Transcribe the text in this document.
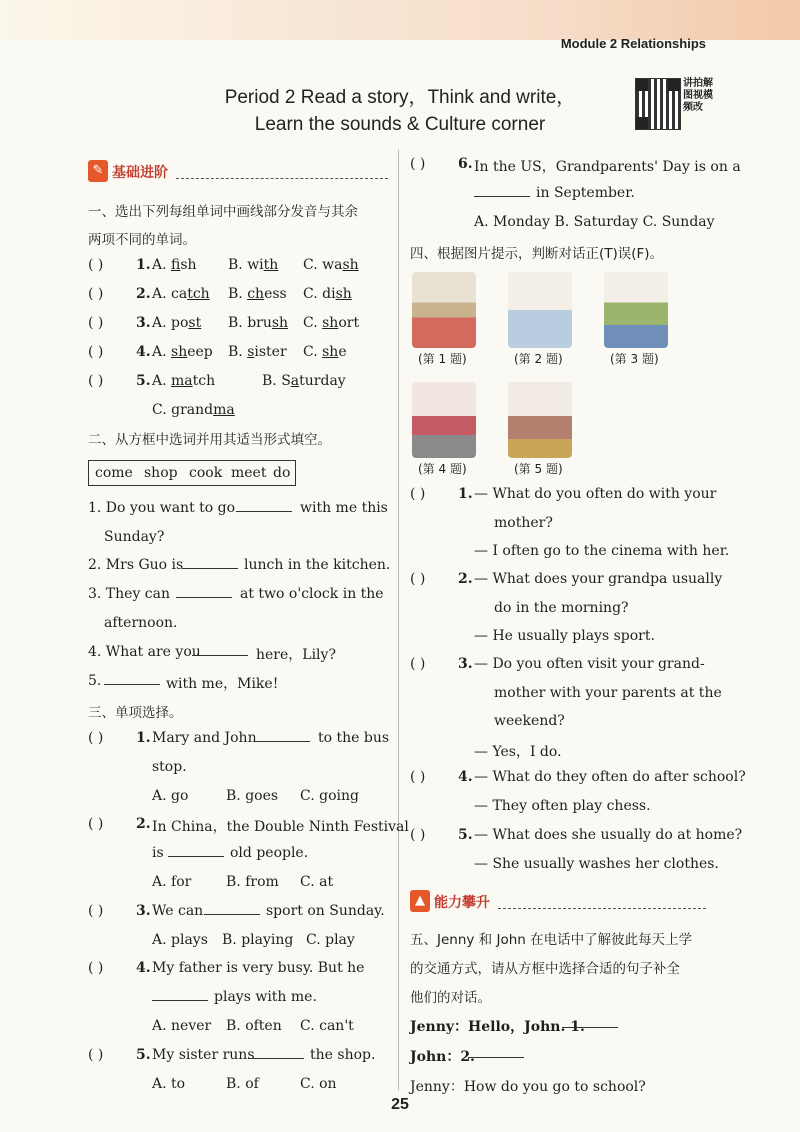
Module 2 Relationships
Period 2 Read a story，Think and write，
Learn the sounds & Culture corner
讲拍解图视模频改
✎ 基础进阶
一、选出下列每组单词中画线部分发音与其余
两项不同的单词。
( ) 1. A. fish B. with C. wash
( ) 2. A. catch B. chess C. dish
( ) 3. A. post B. brush C. short
( ) 4. A. sheep B. sister C. she
( ) 5. A. match	B. Saturday
C. grandma
二、从方框中选词并用其适当形式填空。
come shop cook meet do
1. Do you want to go	with me this
Sunday?
2. Mrs Guo is	lunch in the kitchen.
3. They can	at two o'clock in the
afternoon.
4. What are you	here，Lily?
5.	with me，Mike!
三、单项选择。
( ) 1. Mary and John	to the bus
stop.
A. go	B. goes C. going
( ) 2. In China，the Double Ninth Festival
is	old people.
A. for B. from C. at
( ) 3. We can	sport on Sunday.
A. plays B. playing C. play
( ) 4. My father is very busy. But he
plays with me.
A. never B. often C. can't
( ) 5. My sister runs	the shop.
A. to	B. of	C. on
( ) 6. In the US，Grandparents' Day is on a
in September.
A. Monday B. Saturday C. Sunday
四、根据图片提示，判断对话正(T)误(F)。
(第 1 题)	(第 2 题)	(第 3 题)
(第 4 题)	(第 5 题)
( ) 1. — What do you often do with your
mother?
— I often go to the cinema with her.
( ) 2. — What does your grandpa usually
do in the morning?
— He usually plays sport.
( ) 3. — Do you often visit your grand-
mother with your parents at the
weekend?
— Yes，I do.
( ) 4. — What do they often do after school?
— They often play chess.
( ) 5. — What does she usually do at home?
— She usually washes her clothes.
▲ 能力攀升
五、Jenny 和 John 在电话中了解彼此每天上学
的交通方式，请从方框中选择合适的句子补全
他们的对话。
Jenny：Hello，John. 1.
John：2.
Jenny：How do you go to school?
25
